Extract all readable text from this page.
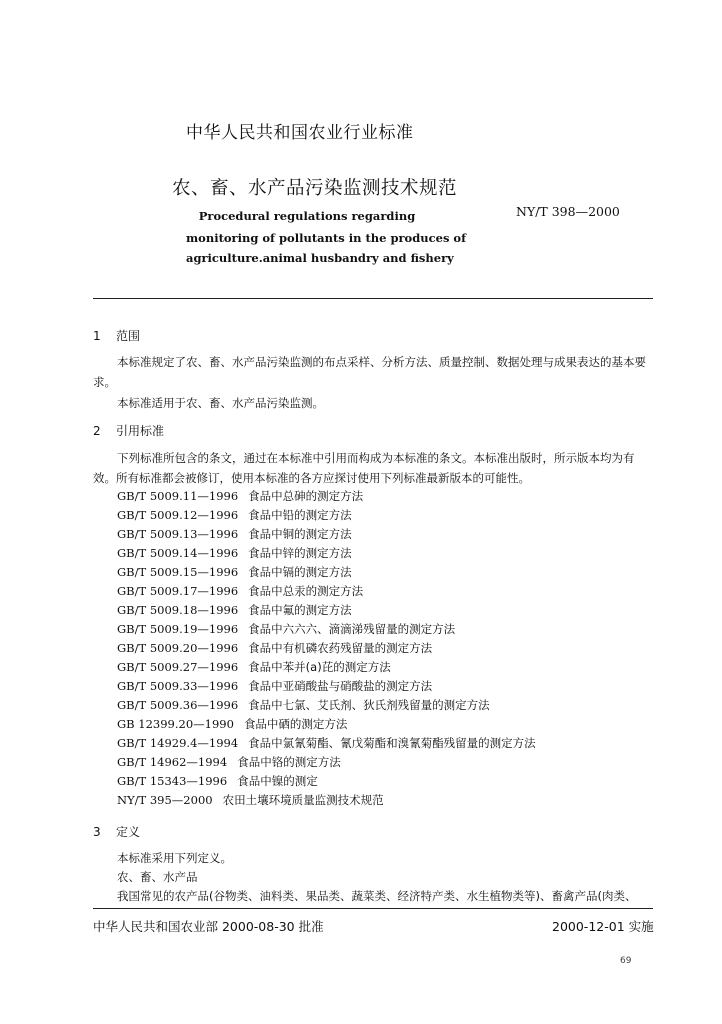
中华人民共和国农业行业标准
农、畜、水产品污染监测技术规范
Procedural regulations regarding
monitoring of pollutants in the produces of
agriculture.animal husbandry and fishery
NY/T 398—2000
1 范围
本标准规定了农、畜、水产品污染监测的布点采样、分析方法、质量控制、数据处理与成果表达的基本要求。
本标准适用于农、畜、水产品污染监测。
2 引用标准
下列标准所包含的条文，通过在本标准中引用而构成为本标准的条文。本标准出版时，所示版本均为有效。所有标准都会被修订，使用本标准的各方应探讨使用下列标准最新版本的可能性。
GB/T 5009.11—1996 食品中总砷的测定方法
GB/T 5009.12—1996 食品中铅的测定方法
GB/T 5009.13—1996 食品中铜的测定方法
GB/T 5009.14—1996 食品中锌的测定方法
GB/T 5009.15—1996 食品中镉的测定方法
GB/T 5009.17—1996 食品中总汞的测定方法
GB/T 5009.18—1996 食品中氟的测定方法
GB/T 5009.19—1996 食品中六六六、滴滴涕残留量的测定方法
GB/T 5009.20—1996 食品中有机磷农药残留量的测定方法
GB/T 5009.27—1996 食品中苯并(a)芘的测定方法
GB/T 5009.33—1996 食品中亚硝酸盐与硝酸盐的测定方法
GB/T 5009.36—1996 食品中七氯、艾氏剂、狄氏剂残留量的测定方法
GB 12399.20—1990 食品中硒的测定方法
GB/T 14929.4—1994 食品中氯氰菊酯、氰戊菊酯和溴氰菊酯残留量的测定方法
GB/T 14962—1994 食品中铬的测定方法
GB/T 15343—1996 食品中镍的测定
NY/T 395—2000 农田土壤环境质量监测技术规范
3 定义
本标准采用下列定义。
农、畜、水产品
我国常见的农产品(谷物类、油料类、果品类、蔬菜类、经济特产类、水生植物类等)、畜禽产品(肉类、
中华人民共和国农业部 2000-08-30 批准	2000-12-01 实施
69
